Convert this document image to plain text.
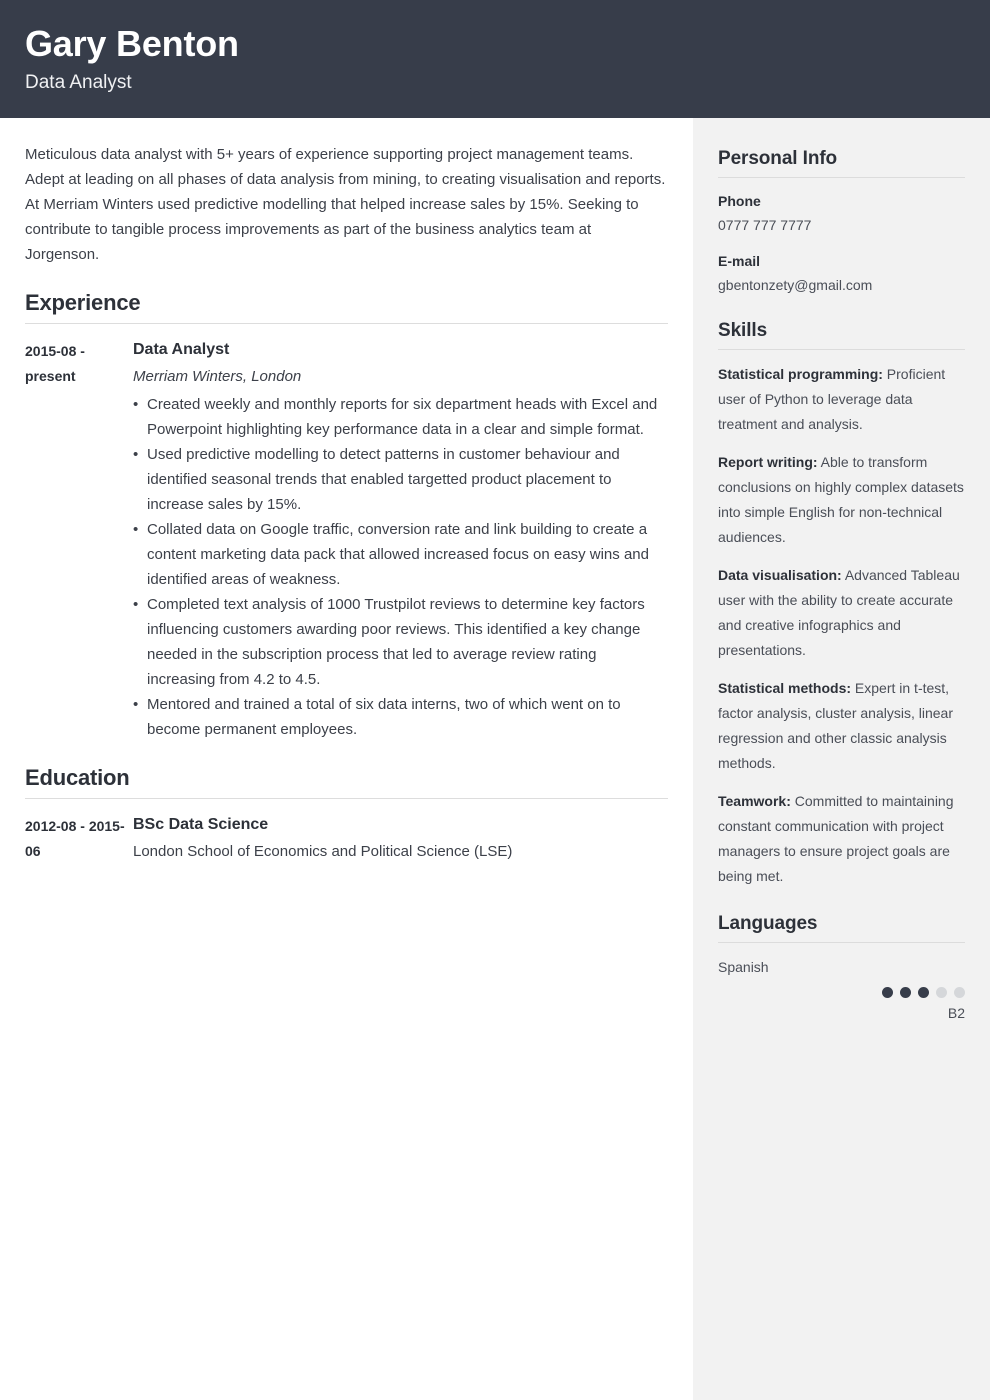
Gary Benton
Data Analyst

Meticulous data analyst with 5+ years of experience supporting project management teams. Adept at leading on all phases of data analysis from mining, to creating visualisation and reports. At Merriam Winters used predictive modelling that helped increase sales by 15%. Seeking to contribute to tangible process improvements as part of the business analytics team at Jorgenson.

Experience
2015-08 - present
Data Analyst
Merriam Winters, London
• Created weekly and monthly reports for six department heads with Excel and Powerpoint highlighting key performance data in a clear and simple format.
• Used predictive modelling to detect patterns in customer behaviour and identified seasonal trends that enabled targetted product placement to increase sales by 15%.
• Collated data on Google traffic, conversion rate and link building to create a content marketing data pack that allowed increased focus on easy wins and identified areas of weakness.
• Completed text analysis of 1000 Trustpilot reviews to determine key factors influencing customers awarding poor reviews. This identified a key change needed in the subscription process that led to average review rating increasing from 4.2 to 4.5.
• Mentored and trained a total of six data interns, two of which went on to become permanent employees.
Education
2012-08 - 2015-06
BSc Data Science
London School of Economics and Political Science (LSE)
Personal Info
Phone
0777 777 7777
E-mail
gbentonzety@gmail.com
Skills
Statistical programming: Proficient user of Python to leverage data treatment and analysis.
Report writing: Able to transform conclusions on highly complex datasets into simple English for non-technical audiences.
Data visualisation: Advanced Tableau user with the ability to create accurate and creative infographics and presentations.
Statistical methods: Expert in t-test, factor analysis, cluster analysis, linear regression and other classic analysis methods.
Teamwork: Committed to maintaining constant communication with project managers to ensure project goals are being met.
Languages
Spanish
B2
